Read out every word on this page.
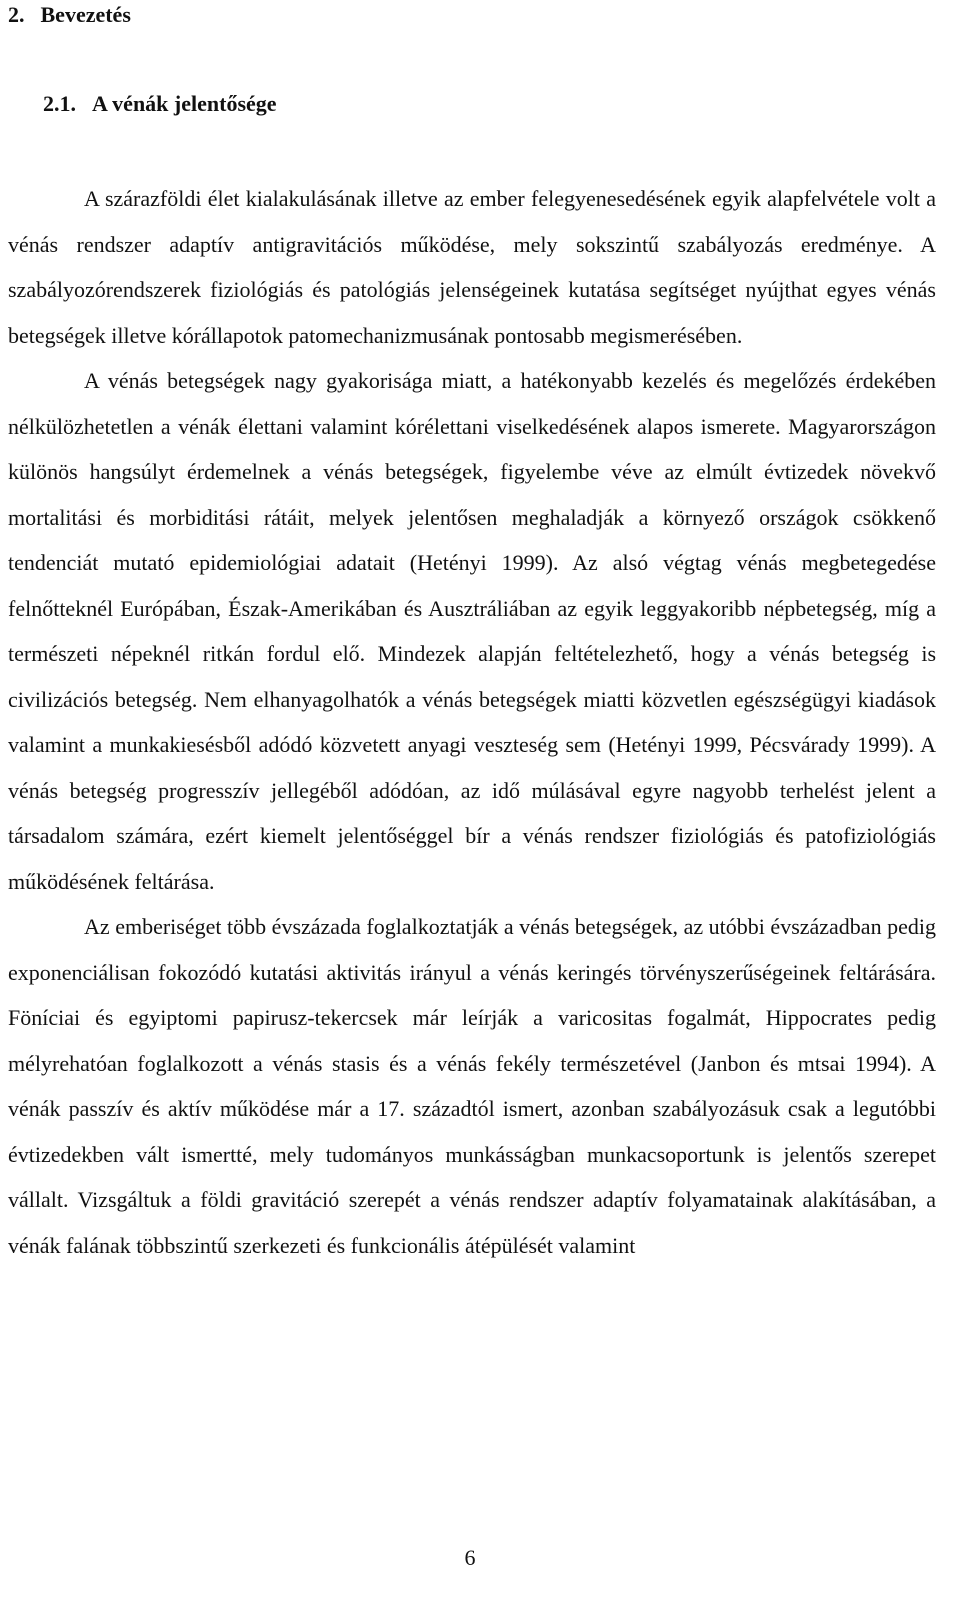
2. Bevezetés
2.1. A vénák jelentősége

A szárazföldi élet kialakulásának illetve az ember felegyenesedésének egyik alapfelvétele volt a vénás rendszer adaptív antigravitációs működése, mely sokszintű szabályozás eredménye. A szabályozórendszerek fiziológiás és patológiás jelenségeinek kutatása segítséget nyújthat egyes vénás betegségek illetve kórállapotok patomechanizmusának pontosabb megismerésében.

A vénás betegségek nagy gyakorisága miatt, a hatékonyabb kezelés és megelőzés érdekében nélkülözhetetlen a vénák élettani valamint kórélettani viselkedésének alapos ismerete. Magyarországon különös hangsúlyt érdemelnek a vénás betegségek, figyelembe véve az elmúlt évtizedek növekvő mortalitási és morbiditási rátáit, melyek jelentősen meghaladják a környező országok csökkenő tendenciát mutató epidemiológiai adatait (Hetényi 1999). Az alsó végtag vénás megbetegedése felnőtteknél Európában, Észak-Amerikában és Ausztráliában az egyik leggyakoribb népbetegség, míg a természeti népeknél ritkán fordul elő. Mindezek alapján feltételezhető, hogy a vénás betegség is civilizációs betegség. Nem elhanyagolhatók a vénás betegségek miatti közvetlen egészségügyi kiadások valamint a munkakiesésből adódó közvetett anyagi veszteség sem (Hetényi 1999, Pécsvárady 1999). A vénás betegség progresszív jellegéből adódóan, az idő múlásával egyre nagyobb terhelést jelent a társadalom számára, ezért kiemelt jelentőséggel bír a vénás rendszer fiziológiás és patofiziológiás működésének feltárása.

Az emberiséget több évszázada foglalkoztatják a vénás betegségek, az utóbbi évszázadban pedig exponenciálisan fokozódó kutatási aktivitás irányul a vénás keringés törvényszerűségeinek feltárására. Föníciai és egyiptomi papirusz-tekercsek már leírják a varicositas fogalmát, Hippocrates pedig mélyrehatóan foglalkozott a vénás stasis és a vénás fekély természetével (Janbon és mtsai 1994). A vénák passzív és aktív működése már a 17. századtól ismert, azonban szabályozásuk csak a legutóbbi évtizedekben vált ismertté, mely tudományos munkásságban munkacsoportunk is jelentős szerepet vállalt. Vizsgáltuk a földi gravitáció szerepét a vénás rendszer adaptív folyamatainak alakításában, a vénák falának többszintű szerkezeti és funkcionális átépülését valamint

6
